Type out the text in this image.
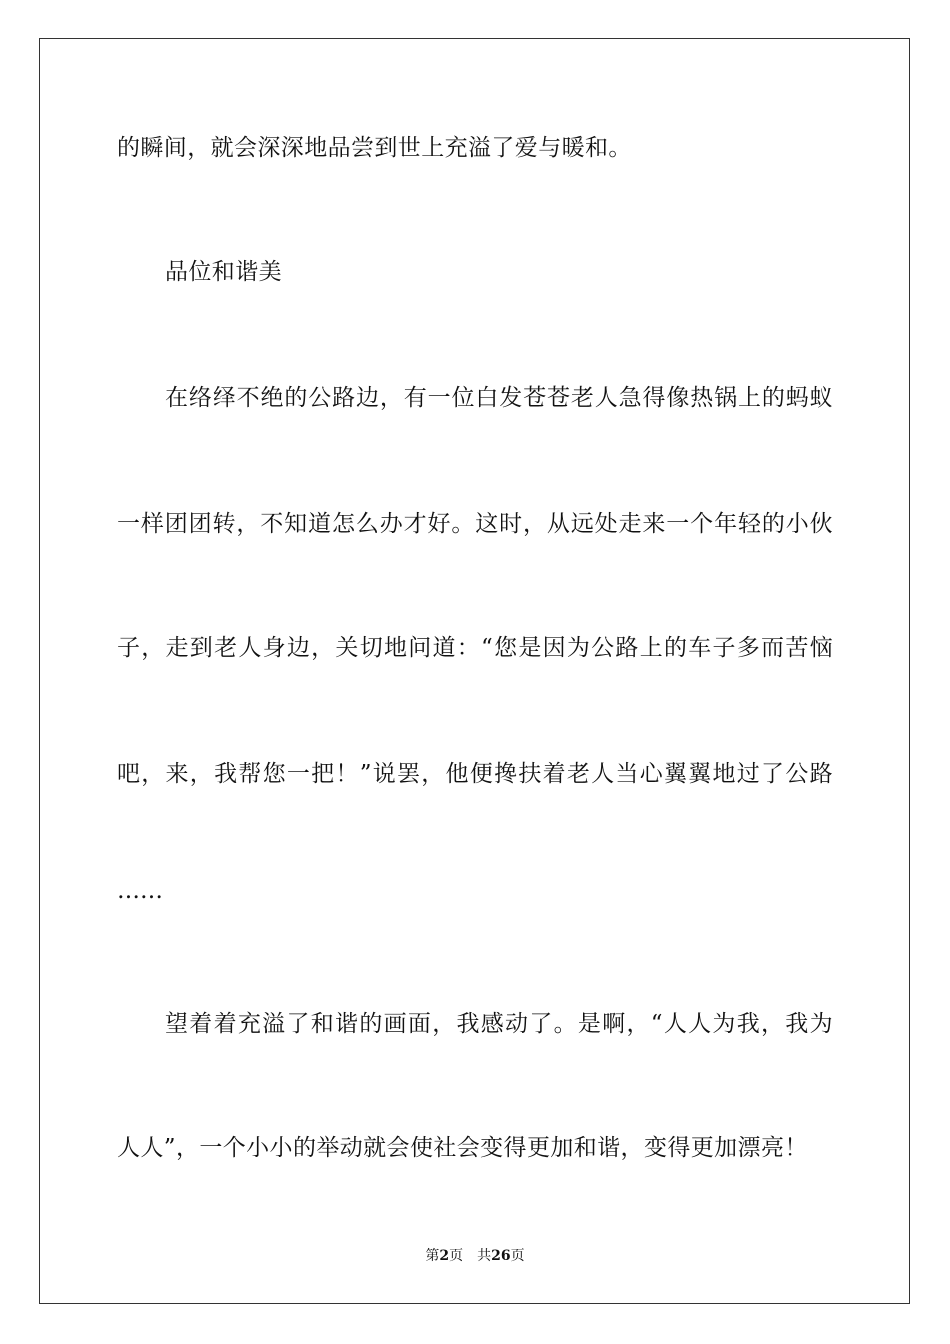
的瞬间，就会深深地品尝到世上充溢了爱与暖和。
品位和谐美
在络绎不绝的公路边，有一位白发苍苍老人急得像热锅上的蚂蚁
一样团团转，不知道怎么办才好。这时，从远处走来一个年轻的小伙
子，走到老人身边，关切地问道：“您是因为公路上的车子多而苦恼
吧，来，我帮您一把！”说罢，他便搀扶着老人当心翼翼地过了公路
……
望着着充溢了和谐的画面，我感动了。是啊，“人人为我，我为
人人”，一个小小的举动就会使社会变得更加和谐，变得更加漂亮！
第2页　共26页
